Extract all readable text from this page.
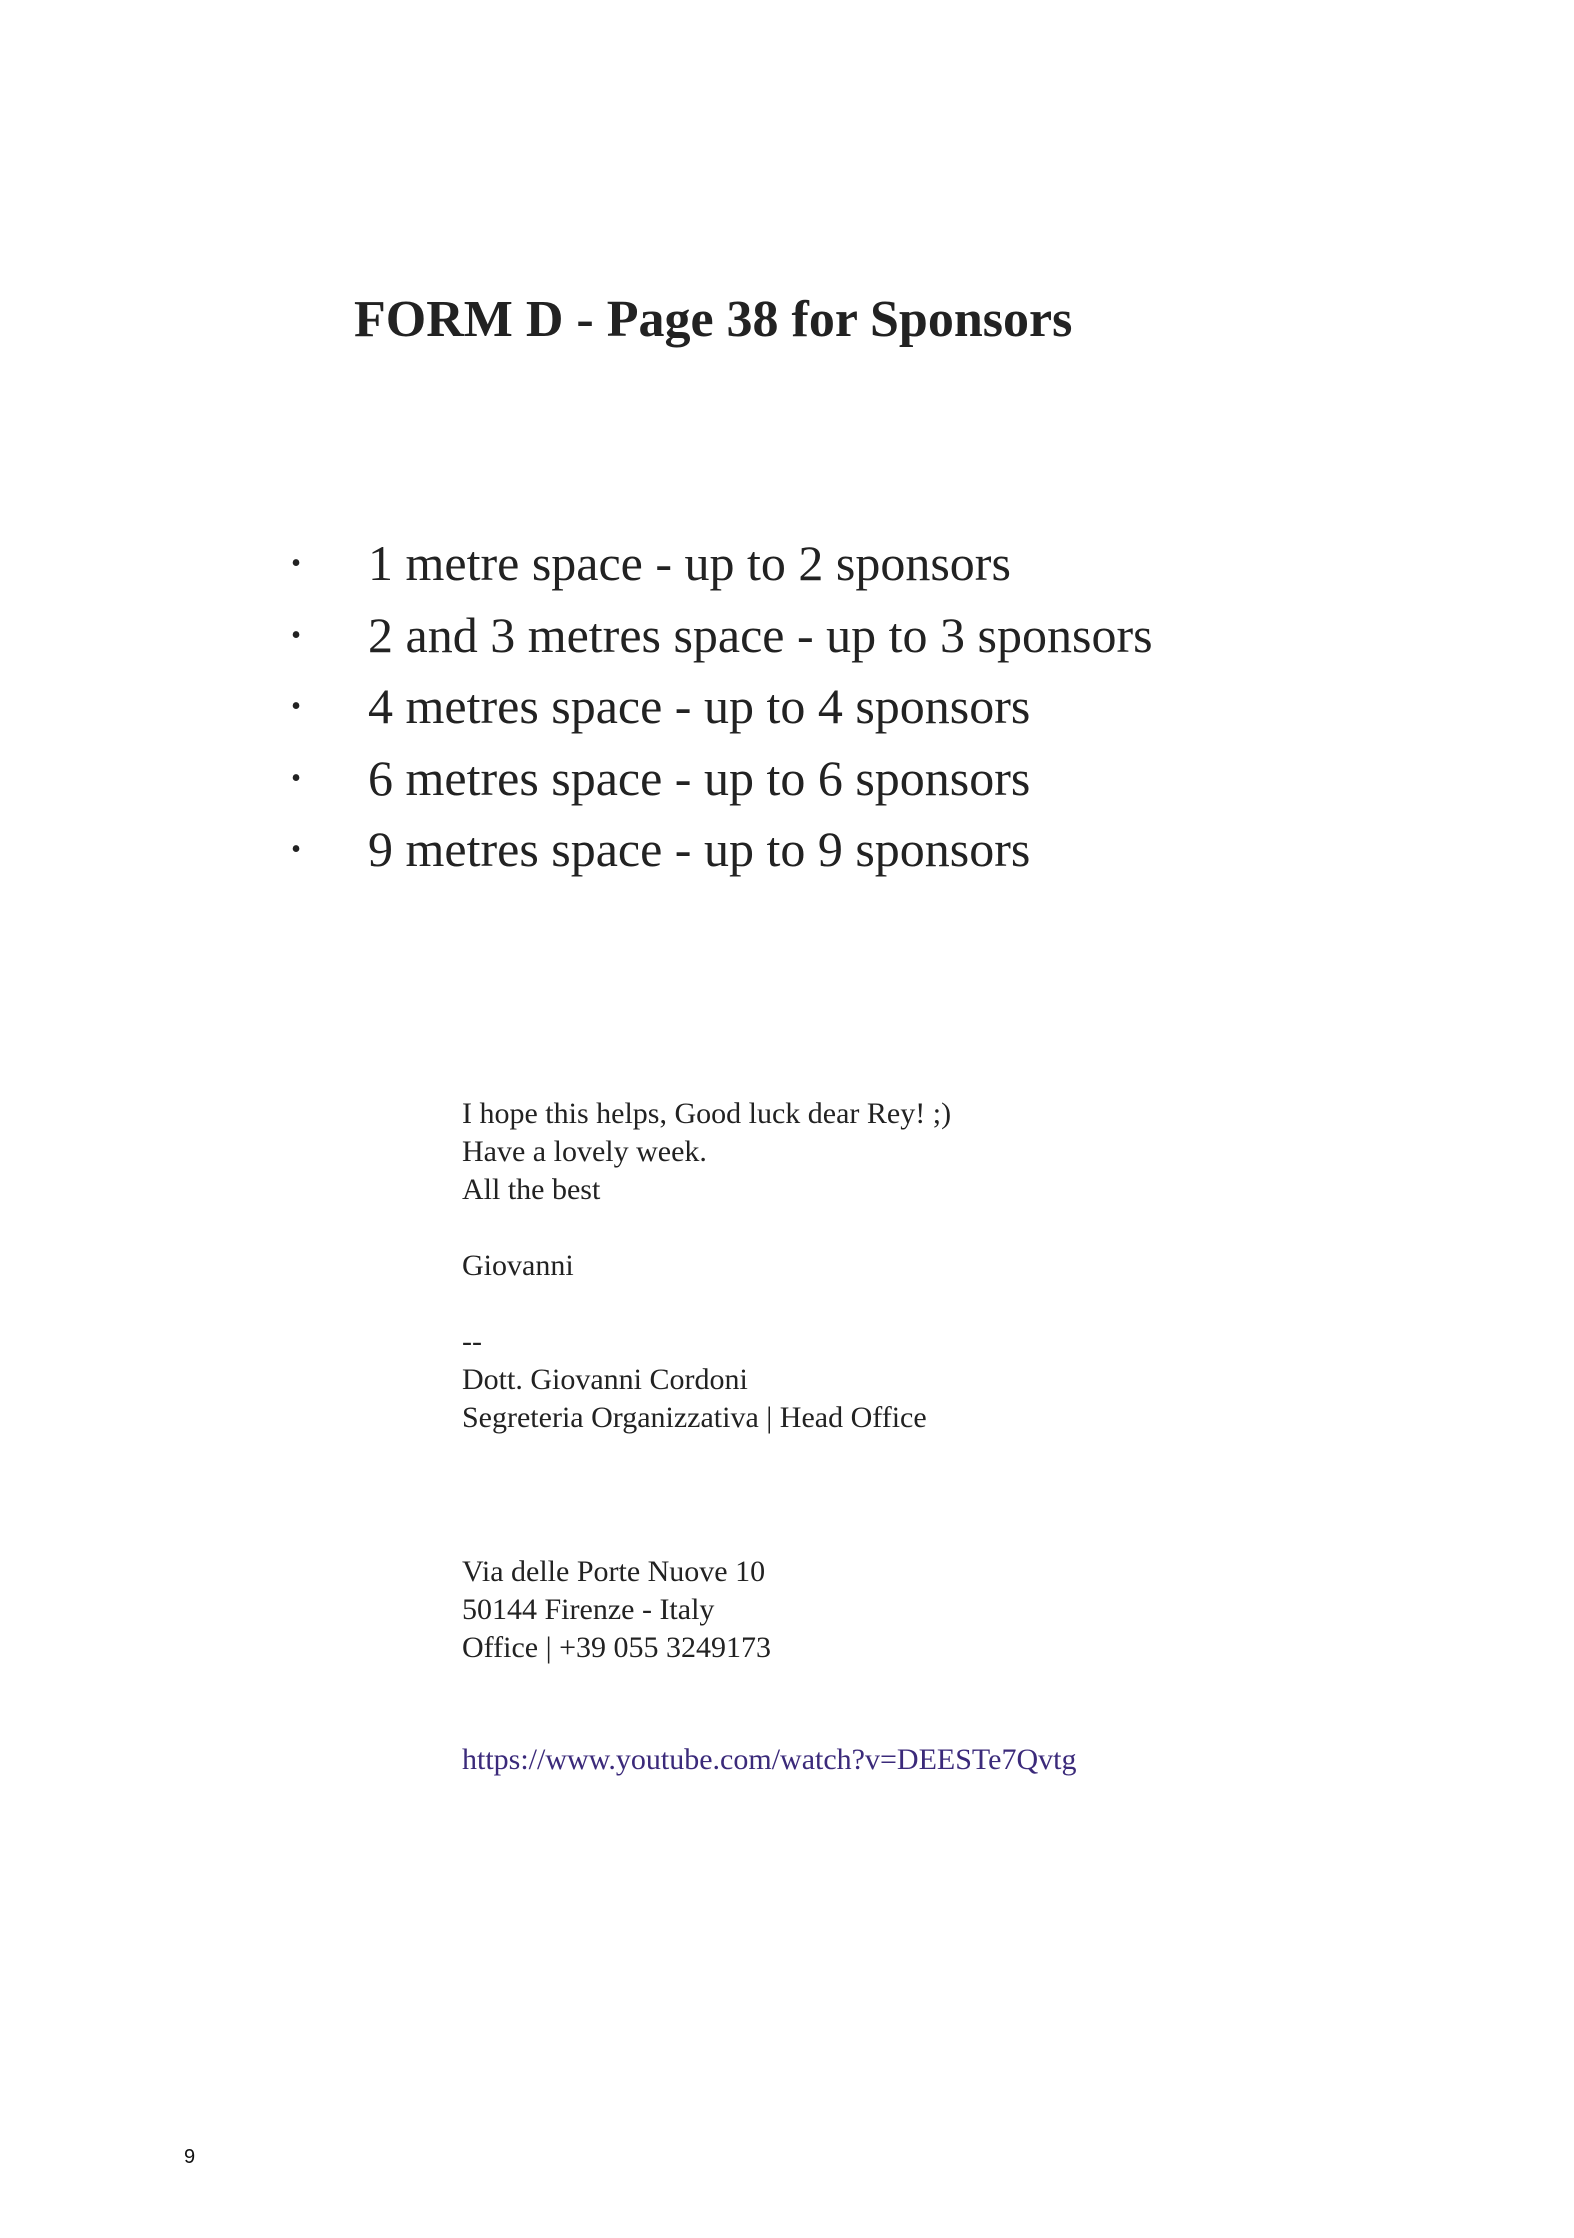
FORM D - Page 38 for Sponsors
• 1 metre space - up to 2 sponsors
• 2 and 3 metres space - up to 3 sponsors
• 4 metres space - up to 4 sponsors
• 6 metres space - up to 6 sponsors
• 9 metres space - up to 9 sponsors
I hope this helps, Good luck dear Rey! ;)
Have a lovely week.
All the best
Giovanni
--
Dott. Giovanni Cordoni
Segreteria Organizzativa | Head Office
Via delle Porte Nuove 10
50144 Firenze - Italy
Office | +39 055 3249173
https://www.youtube.com/watch?v=DEESTe7Qvtg
9
